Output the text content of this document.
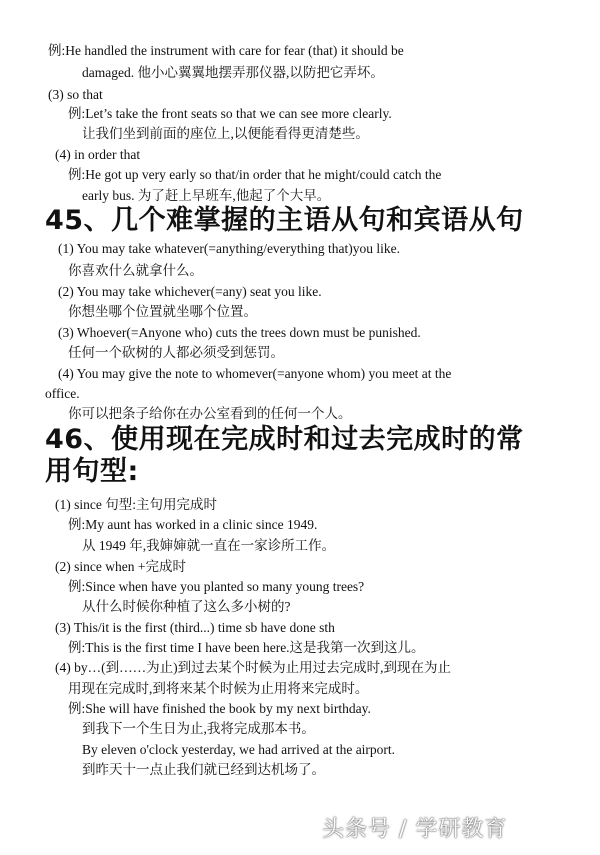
例:He handled the instrument with care for fear (that) it should be
damaged. 他小心翼翼地摆弄那仪器,以防把它弄坏。
(3) so that
例:Let’s take the front seats so that we can see more clearly.
让我们坐到前面的座位上,以便能看得更清楚些。
(4) in order that
例:He got up very early so that/in order that he might/could catch the
early bus. 为了赶上早班车,他起了个大早。
45、几个难掌握的主语从句和宾语从句
(1) You may take whatever(=anything/everything that)you like.
你喜欢什么就拿什么。
(2) You may take whichever(=any) seat you like.
你想坐哪个位置就坐哪个位置。
(3) Whoever(=Anyone who) cuts the trees down must be punished.
任何一个砍树的人都必须受到惩罚。
(4) You may give the note to whomever(=anyone whom) you meet at the
office.
你可以把条子给你在办公室看到的任何一个人。
46、使用现在完成时和过去完成时的常
用句型:
(1) since 句型:主句用完成时
例:My aunt has worked in a clinic since 1949.
从 1949 年,我婶婶就一直在一家诊所工作。
(2) since when +完成时
例:Since when have you planted so many young trees?
从什么时候你种植了这么多小树的?
(3) This/it is the first (third...) time sb have done sth
例:This is the first time I have been here.这是我第一次到这儿。
(4) by…(到……为止)到过去某个时候为止用过去完成时,到现在为止
用现在完成时,到将来某个时候为止用将来完成时。
例:She will have finished the book by my next birthday.
到我下一个生日为止,我将完成那本书。
By eleven o'clock yesterday, we had arrived at the airport.
到昨天十一点止我们就已经到达机场了。
头条号 / 学研教育
